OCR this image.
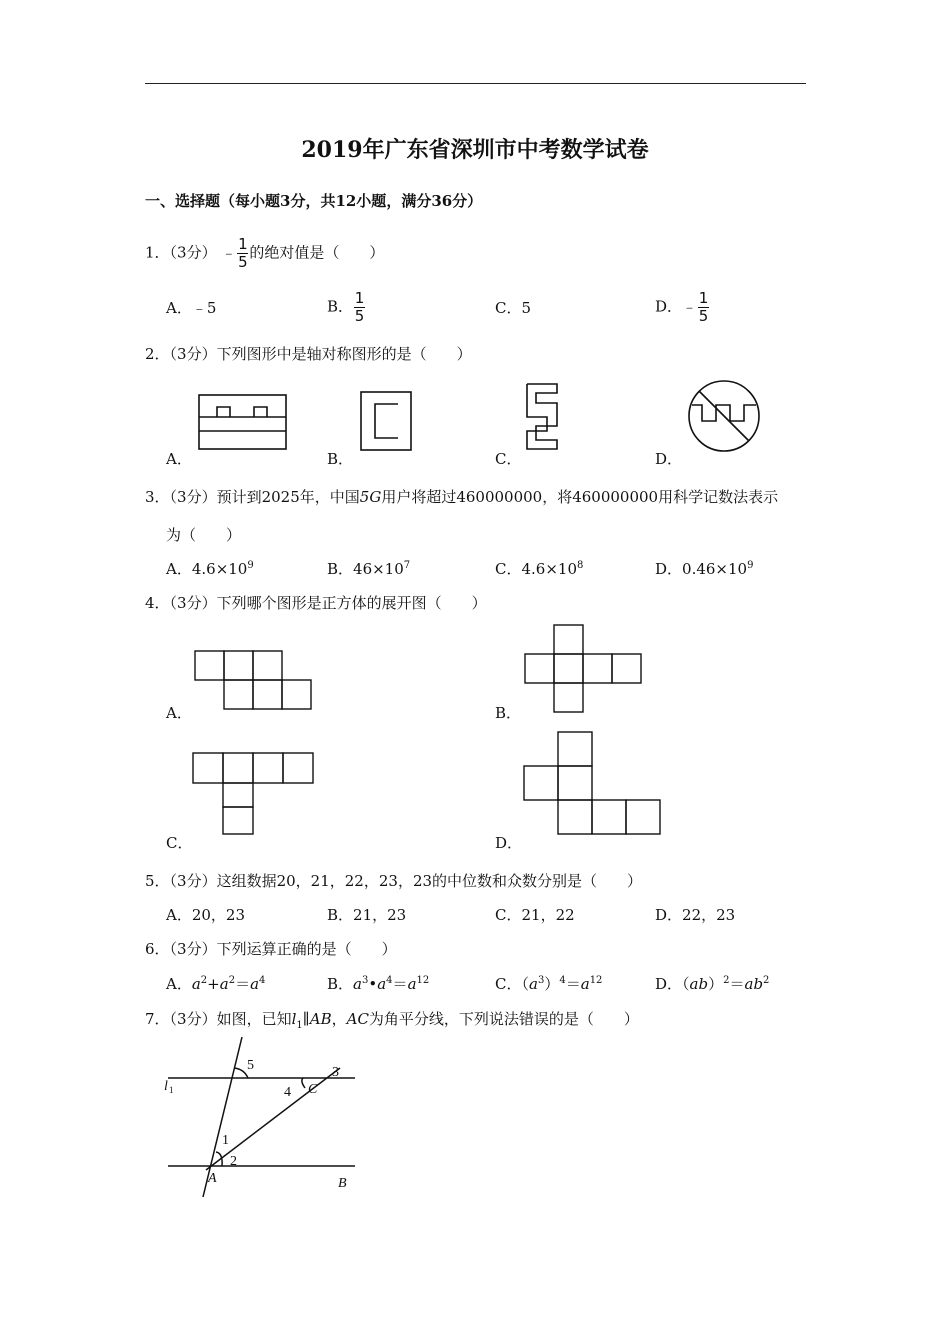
2019年广东省深圳市中考数学试卷
一、选择题（每小题3分，共12小题，满分36分）
1．（3分） ﹣ $\frac{1}{5}$ 的绝对值是（　　）
A．﹣5	B． $\frac{1}{5}$	C．5	D．﹣ $\frac{1}{5}$
2．（3分）下列图形中是轴对称图形的是（　　）
A．	B．	C．	D．
3．（3分）预计到2025年，中国5G用户将超过460000000，将460000000用科学记数法表示
为（　　）
A．$4.6\times 10^9$	B．$46\times 10^7$	C．$4.6\times 10^8$	D．$0.46\times 10^9$
4．（3分）下列哪个图形是正方体的展开图（　　）
A．	B．
C．	D．
5．（3分）这组数据20，21，22，23，23的中位数和众数分别是（　　）
A．20，23	B．21，23	C．21，22	D．22，23
6．（3分）下列运算正确的是（　　）
A．$a^2+a^2=a^4$	B．$a^3•a^4=a^{12}$	C．$(a^3)^4=a^{12}$	D．$(ab)^2=ab^2$
7．（3分）如图，已知$l_1\parallel AB$，AC为角平分线，下列说法错误的是（　　）
l 1
1
2
3
4
5
A	B
C
